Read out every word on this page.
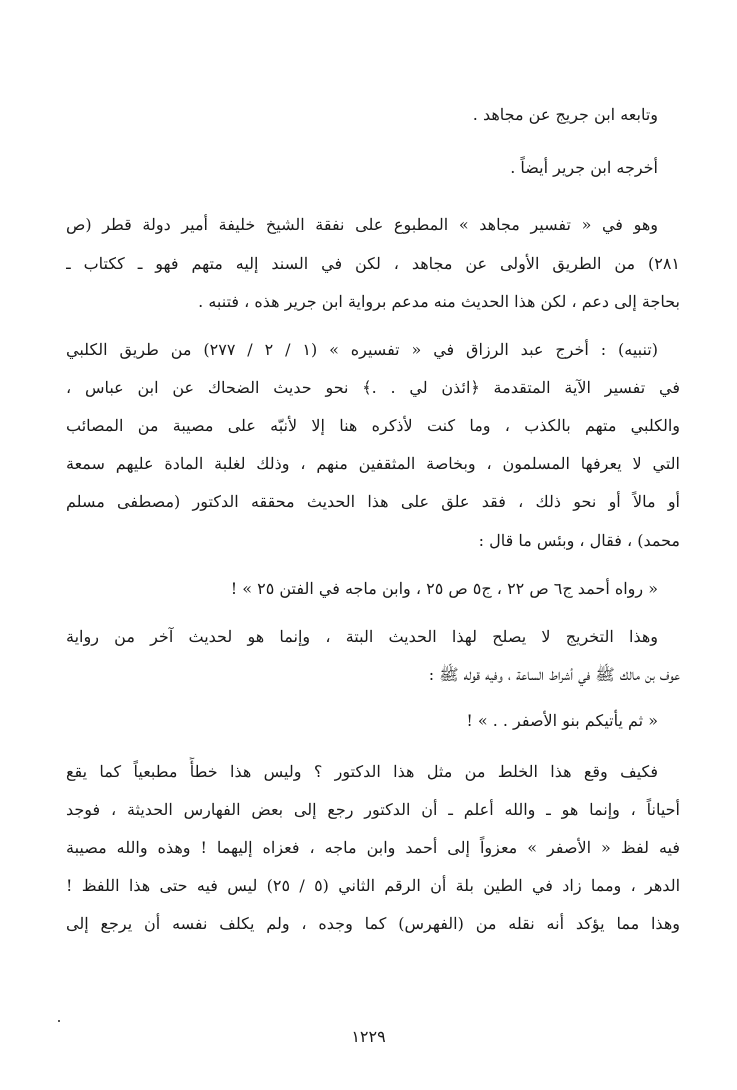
وتابعه ابن جريج عن مجاهد .
أخرجه ابن جرير أيضاً .
وهو في « تفسير مجاهد » المطبوع على نفقة الشيخ خليفة أمير دولة قطر (ص
٢٨١) من الطريق الأولى عن مجاهد ، لكن في السند إليه متهم فهو ـ ككتاب ـ
بحاجة إلى دعم ، لكن هذا الحديث منه مدعم برواية ابن جرير هذه ، فتنبه .
(تنبيه) : أخرج عبد الرزاق في « تفسيره » (١ / ٢ / ٢٧٧) من طريق الكلبي
في تفسير الآية المتقدمة ﴿ائذن لي . .﴾ نحو حديث الضحاك عن ابن عباس ،
والكلبي متهم بالكذب ، وما كنت لأذكره هنا إلا لأنبّه على مصيبة من المصائب
التي لا يعرفها المسلمون ، وبخاصة المثقفين منهم ، وذلك لغلبة المادة عليهم سمعة
أو مالاً أو نحو ذلك ، فقد علق على هذا الحديث محققه الدكتور (مصطفى مسلم
محمد) ، فقال ، وبئس ما قال :
« رواه أحمد ج٦ ص ٢٢ ، ج٥ ص ٢٥ ، وابن ماجه في الفتن ٢٥ » !
وهذا التخريج لا يصلح لهذا الحديث البتة ، وإنما هو لحديث آخر من رواية
عوف بن مالك ﷺ في أشراط الساعة ، وفيه قوله ﷺ :
« ثم يأتيكم بنو الأصفر . . » !
فكيف وقع هذا الخلط من مثل هذا الدكتور ؟ وليس هذا خطأً مطبعياً كما يقع
أحياناً ، وإنما هو ـ والله أعلم ـ أن الدكتور رجع إلى بعض الفهارس الحديثة ، فوجد
فيه لفظ « الأصفر » معزواً إلى أحمد وابن ماجه ، فعزاه إليهما ! وهذه والله مصيبة
الدهر ، ومما زاد في الطين بلة أن الرقم الثاني (٥ / ٢٥) ليس فيه حتى هذا اللفظ !
وهذا مما يؤكد أنه نقله من (الفهرس) كما وجده ، ولم يكلف نفسه أن يرجع إلى
١٢٢٩
